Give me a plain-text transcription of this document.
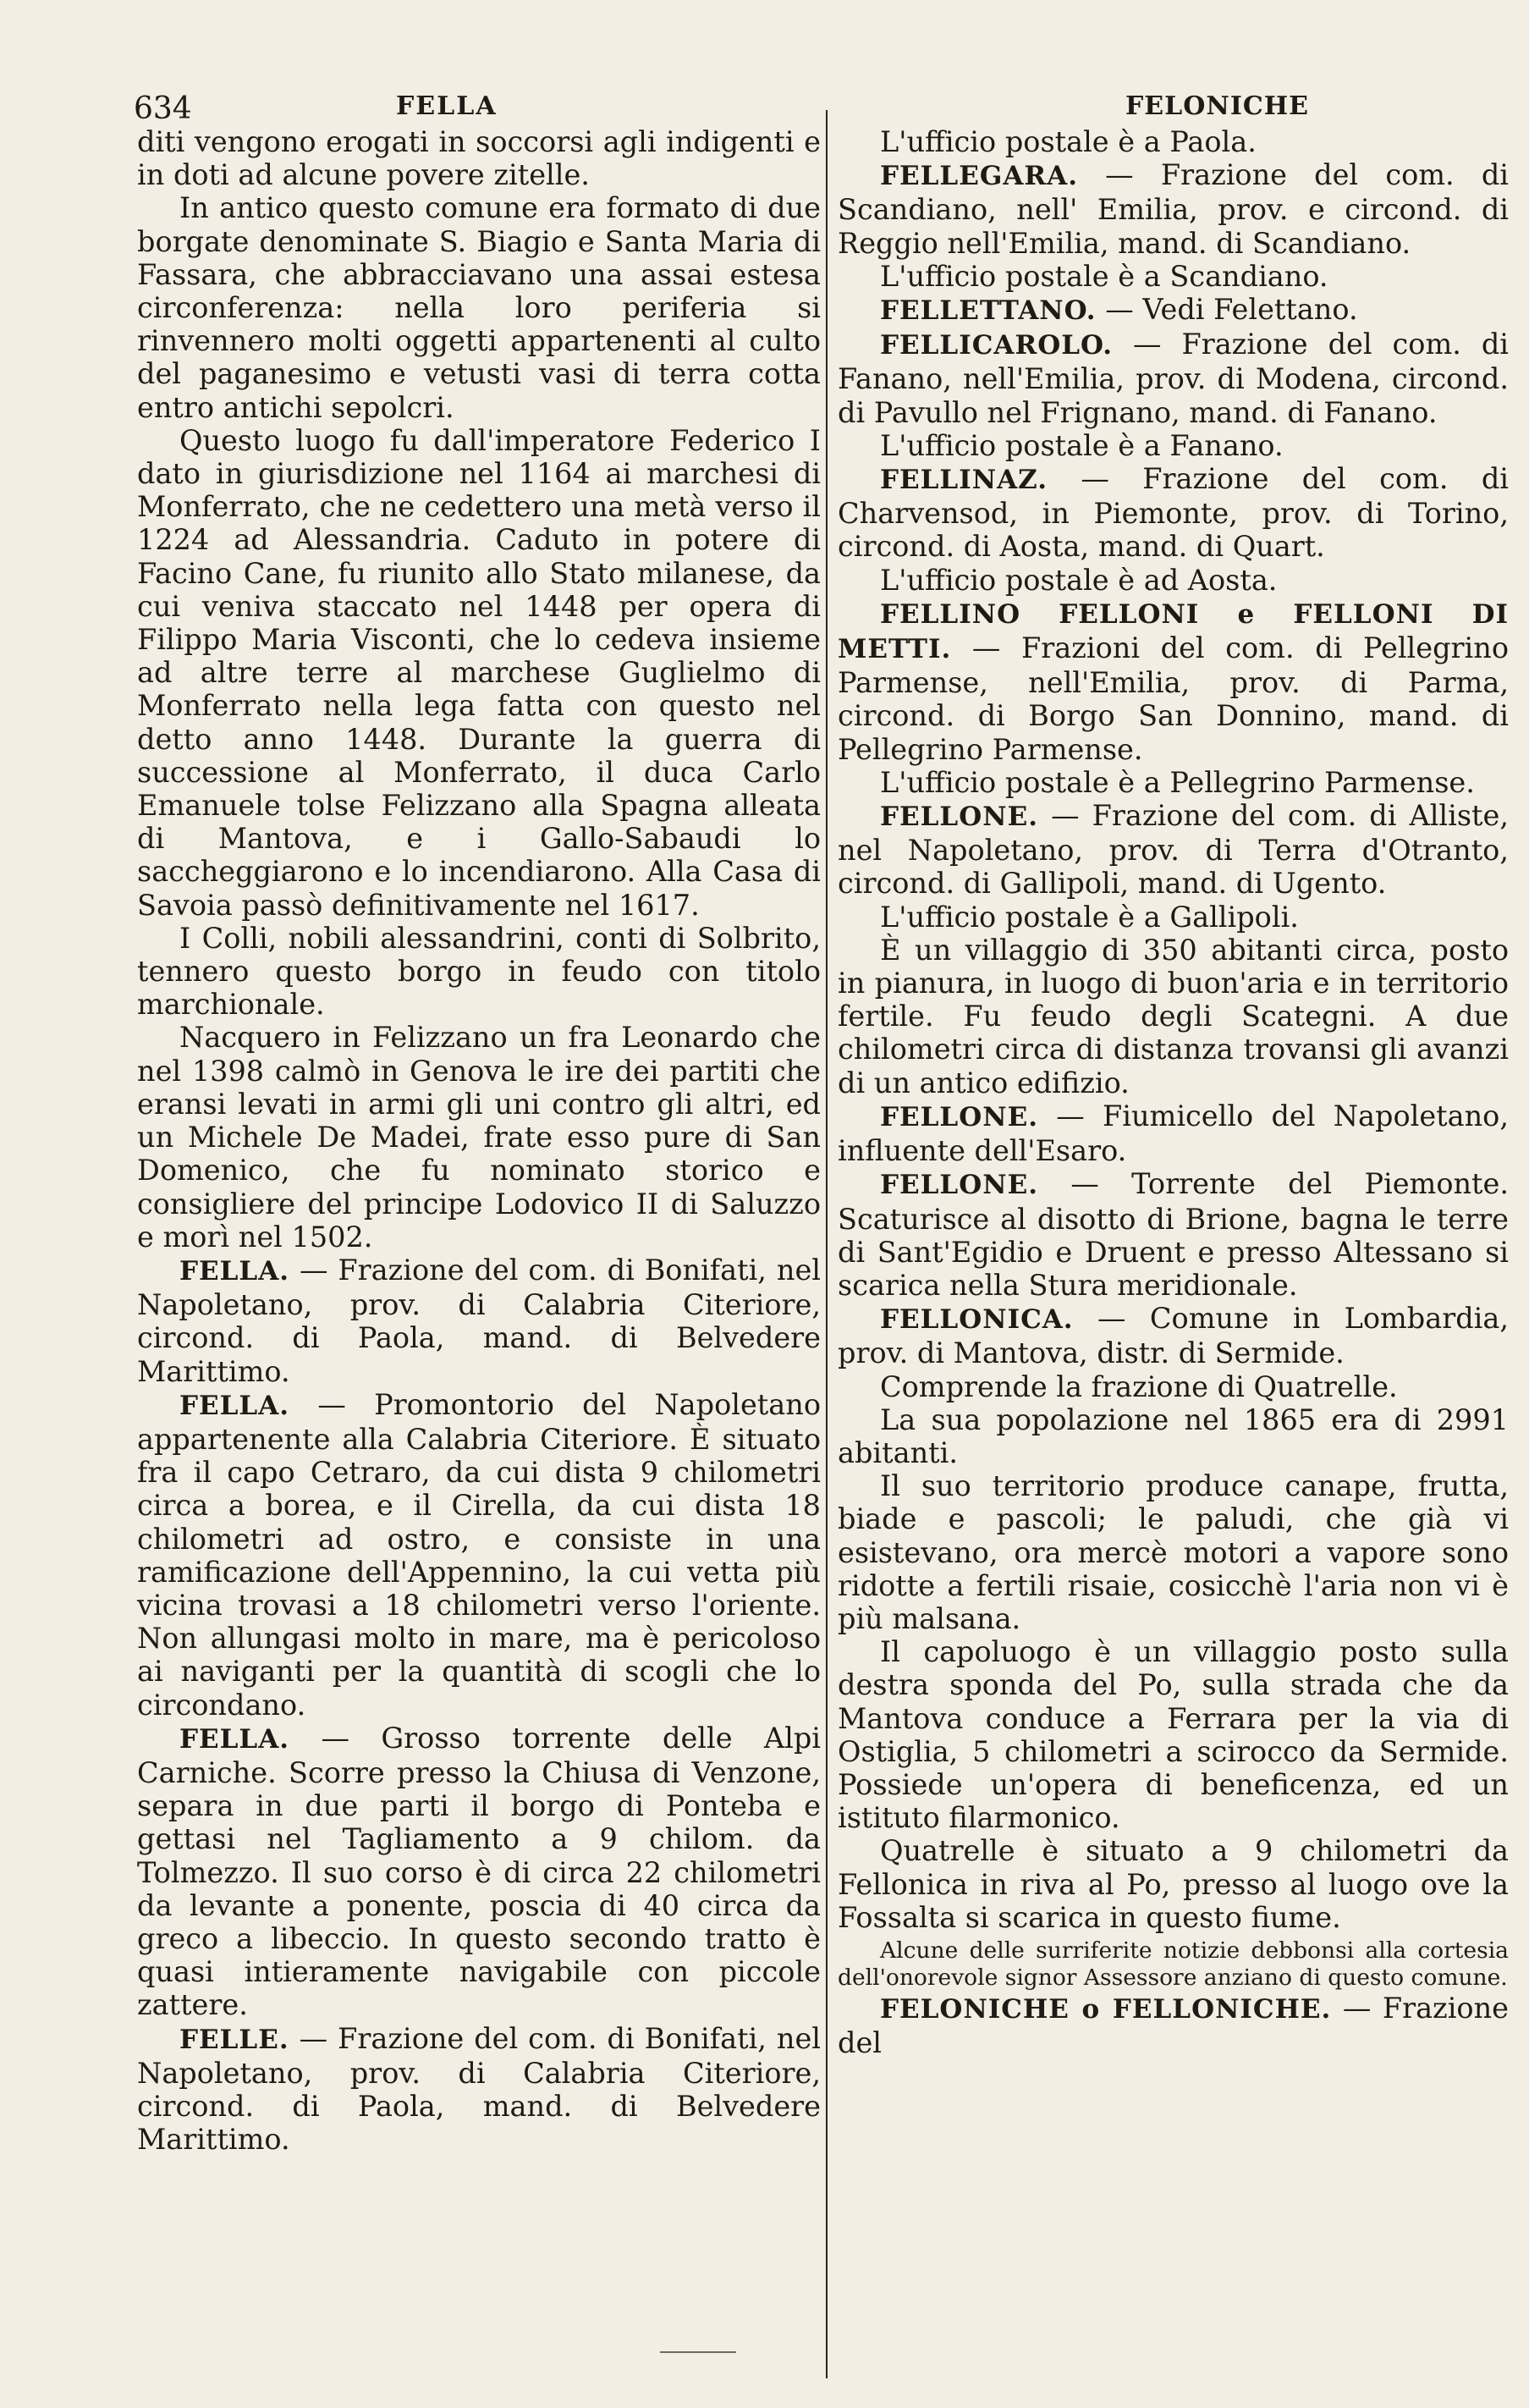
634	FELLA	FELONICHE

diti vengono erogati in soccorsi agli indigenti e in doti ad alcune povere zitelle.

In antico questo comune era formato di due borgate denominate S. Biagio e Santa Maria di Fassara, che abbracciavano una assai estesa circonferenza: nella loro periferia si rinvennero molti oggetti appartenenti al culto del paganesimo e vetusti vasi di terra cotta entro antichi sepolcri.

Questo luogo fu dall'imperatore Federico I dato in giurisdizione nel 1164 ai marchesi di Monferrato, che ne cedettero una metà verso il 1224 ad Alessandria. Caduto in potere di Facino Cane, fu riunito allo Stato milanese, da cui veniva staccato nel 1448 per opera di Filippo Maria Visconti, che lo cedeva insieme ad altre terre al marchese Guglielmo di Monferrato nella lega fatta con questo nel detto anno 1448. Durante la guerra di successione al Monferrato, il duca Carlo Emanuele tolse Felizzano alla Spagna alleata di Mantova, e i Gallo-Sabaudi lo saccheggiarono e lo incendiarono. Alla Casa di Savoia passò definitivamente nel 1617.

I Colli, nobili alessandrini, conti di Solbrito, tennero questo borgo in feudo con titolo marchionale.

Nacquero in Felizzano un fra Leonardo che nel 1398 calmò in Genova le ire dei partiti che eransi levati in armi gli uni contro gli altri, ed un Michele De Madei, frate esso pure di San Domenico, che fu nominato storico e consigliere del principe Lodovico II di Saluzzo e morì nel 1502.

FELLA. — Frazione del com. di Bonifati, nel Napoletano, prov. di Calabria Citeriore, circond. di Paola, mand. di Belvedere Marittimo.

FELLA. — Promontorio del Napoletano appartenente alla Calabria Citeriore. È situato fra il capo Cetraro, da cui dista 9 chilometri circa a borea, e il Cirella, da cui dista 18 chilometri ad ostro, e consiste in una ramificazione dell'Appennino, la cui vetta più vicina trovasi a 18 chilometri verso l'oriente. Non allungasi molto in mare, ma è pericoloso ai naviganti per la quantità di scogli che lo circondano.

FELLA. — Grosso torrente delle Alpi Carniche. Scorre presso la Chiusa di Venzone, separa in due parti il borgo di Ponteba e gettasi nel Tagliamento a 9 chilom. da Tolmezzo. Il suo corso è di circa 22 chilometri da levante a ponente, poscia di 40 circa da greco a libeccio. In questo secondo tratto è quasi intieramente navigabile con piccole zattere.

FELLE. — Frazione del com. di Bonifati, nel Napoletano, prov. di Calabria Citeriore, circond. di Paola, mand. di Belvedere Marittimo.

L'ufficio postale è a Paola.

FELLEGARA. — Frazione del com. di Scandiano, nell' Emilia, prov. e circond. di Reggio nell'Emilia, mand. di Scandiano.

L'ufficio postale è a Scandiano.

FELLETTANO. — Vedi Felettano.

FELLICAROLO. — Frazione del com. di Fanano, nell'Emilia, prov. di Modena, circond. di Pavullo nel Frignano, mand. di Fanano.

L'ufficio postale è a Fanano.

FELLINAZ. — Frazione del com. di Charvensod, in Piemonte, prov. di Torino, circond. di Aosta, mand. di Quart.

L'ufficio postale è ad Aosta.

FELLINO FELLONI e FELLONI DI METTI. — Frazioni del com. di Pellegrino Parmense, nell'Emilia, prov. di Parma, circond. di Borgo San Donnino, mand. di Pellegrino Parmense.

L'ufficio postale è a Pellegrino Parmense.

FELLONE. — Frazione del com. di Alliste, nel Napoletano, prov. di Terra d'Otranto, circond. di Gallipoli, mand. di Ugento.

L'ufficio postale è a Gallipoli.

È un villaggio di 350 abitanti circa, posto in pianura, in luogo di buon'aria e in territorio fertile. Fu feudo degli Scategni. A due chilometri circa di distanza trovansi gli avanzi di un antico edifizio.

FELLONE. — Fiumicello del Napoletano, influente dell'Esaro.

FELLONE. — Torrente del Piemonte. Scaturisce al disotto di Brione, bagna le terre di Sant'Egidio e Druent e presso Altessano si scarica nella Stura meridionale.

FELLONICA. — Comune in Lombardia, prov. di Mantova, distr. di Sermide.

Comprende la frazione di Quatrelle.

La sua popolazione nel 1865 era di 2991 abitanti.

Il suo territorio produce canape, frutta, biade e pascoli; le paludi, che già vi esistevano, ora mercè motori a vapore sono ridotte a fertili risaie, cosicchè l'aria non vi è più malsana.

Il capoluogo è un villaggio posto sulla destra sponda del Po, sulla strada che da Mantova conduce a Ferrara per la via di Ostiglia, 5 chilometri a scirocco da Sermide. Possiede un'opera di beneficenza, ed un istituto filarmonico.

Quatrelle è situato a 9 chilometri da Fellonica in riva al Po, presso al luogo ove la Fossalta si scarica in questo fiume.

Alcune delle surriferite notizie debbonsi alla cortesia dell'onorevole signor Assessore anziano di questo comune.

FELONICHE o FELLONICHE. — Frazione del
